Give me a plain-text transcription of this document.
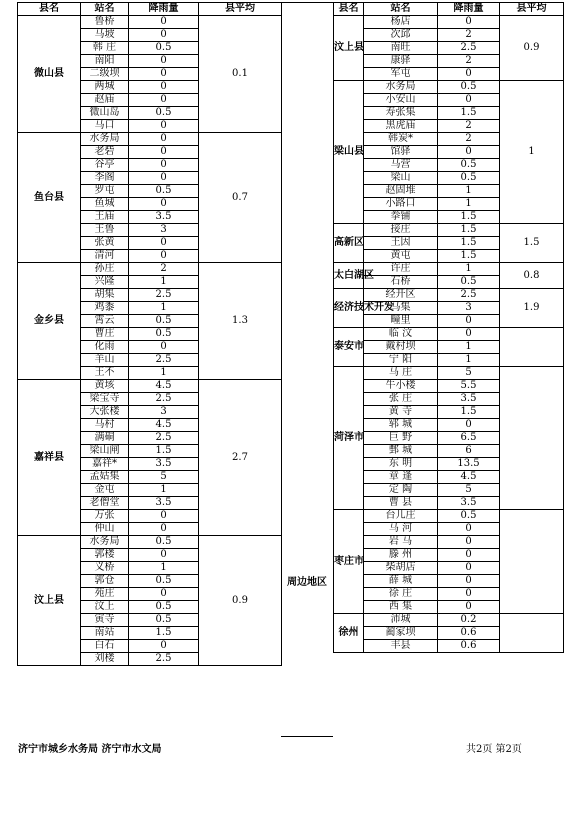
县名	站名	降雨量	县平均
微山县	鲁桥	0	0.1
	马坡	0	
	韩 庄	0.5	
	南阳	0	
	二级坝	0	
	两城	0	
	赵庙	0	
	微山岛	0.5	
	马口	0	
鱼台县	水务局	0	0.7
	老砦	0	
	谷亭	0	
	李阁	0	
	罗屯	0.5	
	鱼城	0	
	王庙	3.5	
	王鲁	3	
	张黄	0	
	清河	0	
金乡县	孙庄	2	1.3
	兴隆	1	
	胡集	2.5	
	鸡黍	1	
	霄云	0.5	
	曹庄	0.5	
	化雨	0	
	羊山	2.5	
	王不	1	
嘉祥县	黄垓	4.5	2.7
	梁宝寺	2.5	
	大张楼	3	
	马村	4.5	
	满硐	2.5	
	梁山闸	1.5	
	嘉祥*	3.5	
	孟姑集	5	
	金屯	1	
	老僧堂	3.5	
	万张	0	
	仲山	0	
汶上县	水务局	0.5	0.9
	郭楼	0	
	义桥	1	
	郭仓	0.5	
	苑庄	0	
	汶上	0.5	
	寅寺	0.5	
	南站	1.5	
	白石	0	
	刘楼	2.5	
周边地区
县名	站名	降雨量	县平均
汶上县	杨店	0	0.9
	次邱	2	
	南旺	2.5	
	康驿	2	
	军屯	0	
梁山县	水务局	0.5	1
	小安山	0	
	寿张集	1.5	
	黑虎庙	2	
	韩炭*	2	
	馆驿	0	
	马营	0.5	
	梁山	0.5	
	赵固堆	1	
	小路口	1	
	拳铺	1.5	
高新区	接庄	1.5	1.5
	王因	1.5	
	黄屯	1.5	
太白湖区	许庄	1	0.8
	石桥	0.5	
经济技术开发	经开区	2.5	1.9
	马集	3	
	疃里	0	
泰安市	临 汶	0	
	戴村坝	1	
	宁 阳	1	
菏泽市	马 庄	5	
	牛小楼	5.5	
	张 庄	3.5	
	黄 寺	1.5	
	郓 城	0	
	巨 野	6.5	
	鄄 城	6	
	东 明	13.5	
	章 逢	4.5	
	定 陶	5	
	曹 县	3.5	
枣庄市	台儿庄	0.5	
	马 河	0	
	岩 马	0	
	滕 州	0	
	柴胡店	0	
	薛 城	0	
	徐 庄	0	
	西 集	0	
徐州	沛城	0.2	
	蔺家坝	0.6	
	丰县	0.6	
济宁市城乡水务局 济宁市水文局	共2页 第2页
